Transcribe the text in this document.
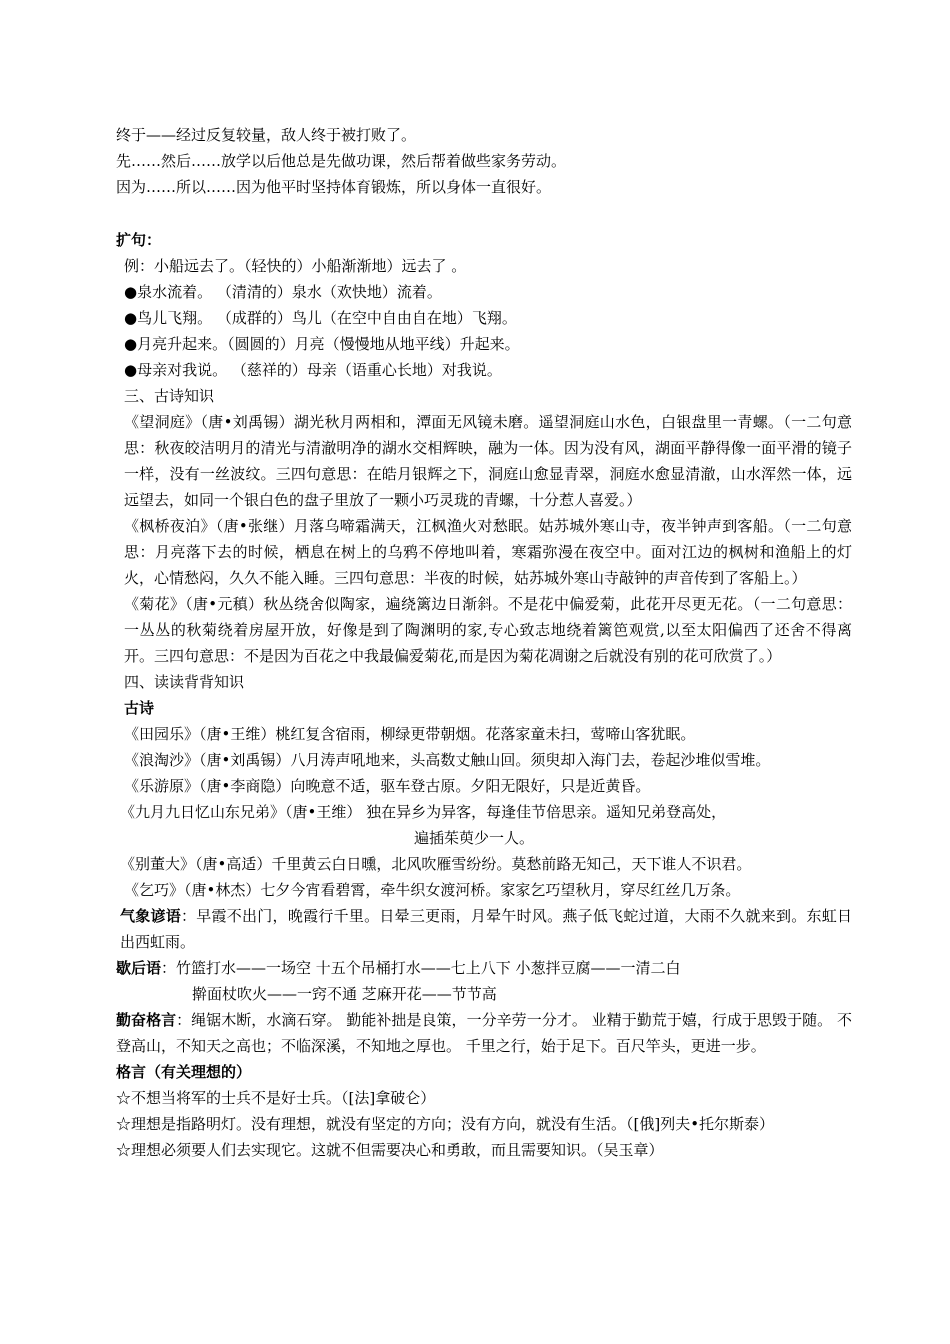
终于——经过反复较量，敌人终于被打败了。
先……然后……放学以后他总是先做功课，然后帮着做些家务劳动。
因为……所以……因为他平时坚持体育锻炼，所以身体一直很好。
扩句：
例：小船远去了。（轻快的）小船渐渐地）远去了 。
●泉水流着。 （清清的）泉水（欢快地）流着。
●鸟儿飞翔。 （成群的）鸟儿（在空中自由自在地）飞翔。
●月亮升起来。（圆圆的）月亮（慢慢地从地平线）升起来。
●母亲对我说。 （慈祥的）母亲（语重心长地）对我说。
三、古诗知识
《望洞庭》（唐•刘禹锡）湖光秋月两相和，潭面无风镜未磨。遥望洞庭山水色，白银盘里一青螺。（一二句意思：秋夜皎洁明月的清光与清澈明净的湖水交相辉映，融为一体。因为没有风，湖面平静得像一面平滑的镜子一样，没有一丝波纹。三四句意思：在皓月银辉之下，洞庭山愈显青翠，洞庭水愈显清澈，山水浑然一体，远远望去，如同一个银白色的盘子里放了一颗小巧灵珑的青螺，十分惹人喜爱。）
《枫桥夜泊》（唐•张继）月落乌啼霜满天，江枫渔火对愁眠。姑苏城外寒山寺，夜半钟声到客船。（一二句意思：月亮落下去的时候，栖息在树上的乌鸦不停地叫着，寒霜弥漫在夜空中。面对江边的枫树和渔船上的灯火，心情愁闷，久久不能入睡。三四句意思：半夜的时候，姑苏城外寒山寺敲钟的声音传到了客船上。）
《菊花》（唐•元稹）秋丛绕舍似陶家，遍绕篱边日渐斜。不是花中偏爱菊，此花开尽更无花。（一二句意思：一丛丛的秋菊绕着房屋开放，好像是到了陶渊明的家,专心致志地绕着篱笆观赏,以至太阳偏西了还舍不得离开。三四句意思：不是因为百花之中我最偏爱菊花,而是因为菊花凋谢之后就没有别的花可欣赏了。）
四、读读背背知识
古诗
《田园乐》（唐•王维）桃红复含宿雨，柳绿更带朝烟。花落家童未扫，莺啼山客犹眠。
《浪淘沙》（唐•刘禹锡）八月涛声吼地来，头高数丈触山回。须臾却入海门去，卷起沙堆似雪堆。
《乐游原》（唐•李商隐）向晚意不适，驱车登古原。夕阳无限好，只是近黄昏。
《九月九日忆山东兄弟》（唐•王维） 独在异乡为异客，每逢佳节倍思亲。遥知兄弟登高处，
遍插茱萸少一人。
《别董大》（唐•高适）千里黄云白日曛，北风吹雁雪纷纷。莫愁前路无知己，天下谁人不识君。
《乞巧》（唐•林杰）七夕今宵看碧霄，牵牛织女渡河桥。家家乞巧望秋月，穿尽红丝几万条。
气象谚语：早霞不出门，晚霞行千里。日晕三更雨，月晕午时风。燕子低飞蛇过道，大雨不久就来到。东虹日出西虹雨。
歇后语：竹篮打水——一场空 十五个吊桶打水——七上八下 小葱拌豆腐——一清二白
擀面杖吹火——一窍不通 芝麻开花——节节高
勤奋格言：绳锯木断，水滴石穿。 勤能补拙是良策，一分辛劳一分才。 业精于勤荒于嬉，行成于思毁于随。 不登高山，不知天之高也；不临深溪，不知地之厚也。 千里之行，始于足下。百尺竿头，更进一步。
格言（有关理想的）
☆不想当将军的士兵不是好士兵。（[法]拿破仑）
☆理想是指路明灯。没有理想，就没有坚定的方向；没有方向，就没有生活。（[俄]列夫•托尔斯泰）
☆理想必须要人们去实现它。这就不但需要决心和勇敢，而且需要知识。（吴玉章）
